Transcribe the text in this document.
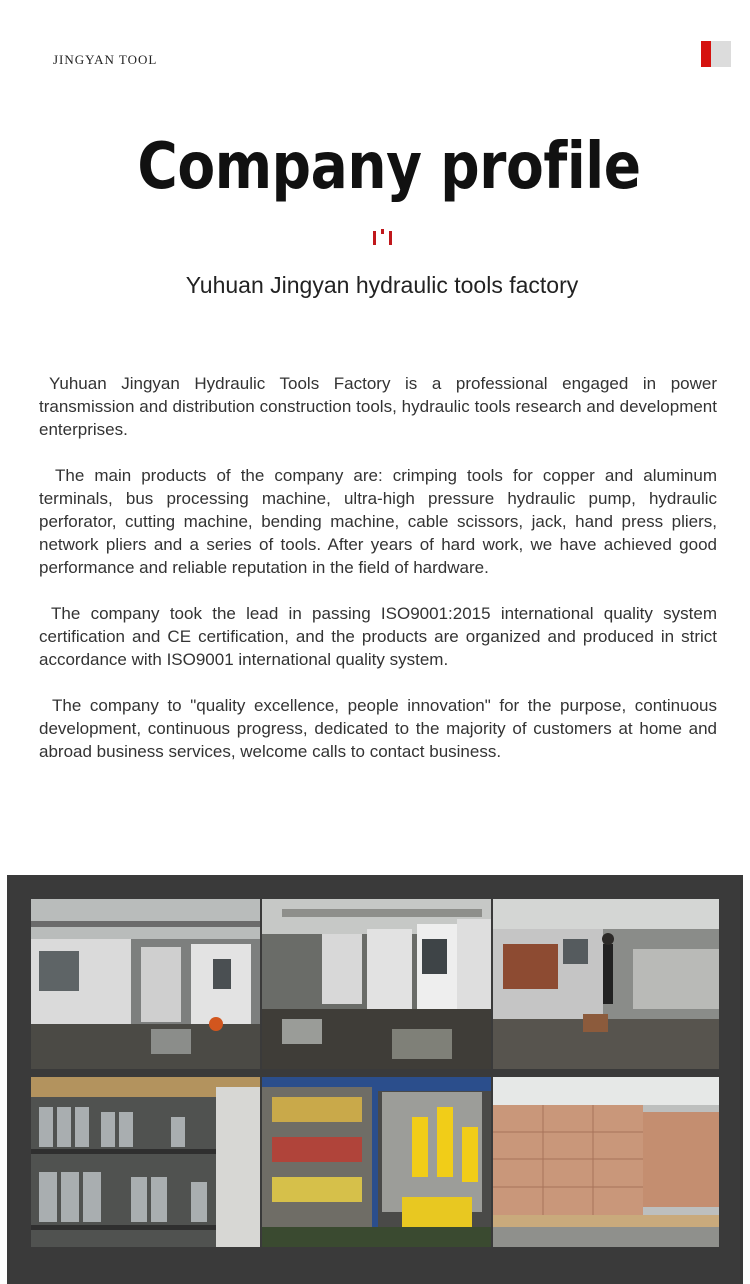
JINGYAN TOOL
Company profile
Yuhuan Jingyan hydraulic tools factory

Yuhuan Jingyan Hydraulic Tools Factory is a professional engaged in power transmission and distribution construction tools, hydraulic tools research and development enterprises.

The main products of the company are: crimping tools for copper and aluminum terminals, bus processing machine, ultra-high pressure hydraulic pump, hydraulic perforator, cutting machine, bending machine, cable scissors, jack, hand press pliers, network pliers and a series of tools. After years of hard work, we have achieved good performance and reliable reputation in the field of hardware.

The company took the lead in passing ISO9001:2015 international quality system certification and CE certification, and the products are organized and produced in strict accordance with ISO9001 international quality system.

The company to "quality excellence, people innovation" for the purpose, continuous development, continuous progress, dedicated to the majority of customers at home and abroad business services, welcome calls to contact business.
